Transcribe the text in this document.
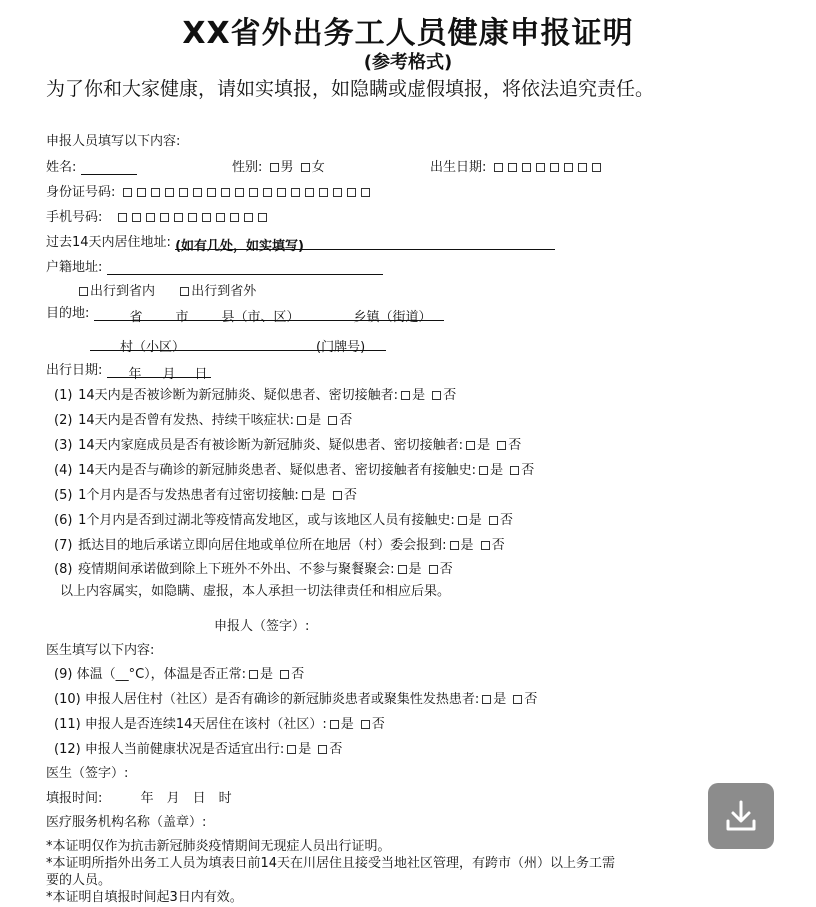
XX省外出务工人员健康申报证明
(参考格式)
为了你和大家健康，请如实填报，如隐瞒或虚假填报，将依法追究责任。
申报人员填写以下内容:
姓名:	性别: 男 女	出生日期:
身份证号码:
手机号码:
过去14天内居住地址: (如有几处，如实填写)
户籍地址:
出行到省内	出行到省外
目的地:	省	市	县（市、区）	乡镇（街道）
村（小区）	(门牌号)
出行日期: 年 月 日
(1) 14天内是否被诊断为新冠肺炎、疑似患者、密切接触者: 是 否
(2) 14天内是否曾有发热、持续干咳症状: 是 否
(3) 14天内家庭成员是否有被诊断为新冠肺炎、疑似患者、密切接触者: 是 否
(4) 14天内是否与确诊的新冠肺炎患者、疑似患者、密切接触者有接触史: 是 否
(5) 1个月内是否与发热患者有过密切接触: 是 否
(6) 1个月内是否到过湖北等疫情高发地区，或与该地区人员有接触史: 是 否
(7) 抵达目的地后承诺立即向居住地或单位所在地居（村）委会报到: 是 否
(8) 疫情期间承诺做到除上下班外不外出、不参与聚餐聚会: 是 否
以上内容属实，如隐瞒、虚报，本人承担一切法律责任和相应后果。
申报人（签字）:
医生填写以下内容:
(9) 体温（__°C），体温是否正常: 是 否
(10) 申报人居住村（社区）是否有确诊的新冠肺炎患者或聚集性发热患者: 是 否
(11) 申报人是否连续14天居住在该村（社区）: 是 否
(12) 申报人当前健康状况是否适宜出行: 是 否
医生（签字）:
填报时间:	年　月　日　时
医疗服务机构名称（盖章）:
*本证明仅作为抗击新冠肺炎疫情期间无现症人员出行证明。
*本证明所指外出务工人员为填表日前14天在川居住且接受当地社区管理，有跨市（州）以上务工需
要的人员。
*本证明自填报时间起3日内有效。
